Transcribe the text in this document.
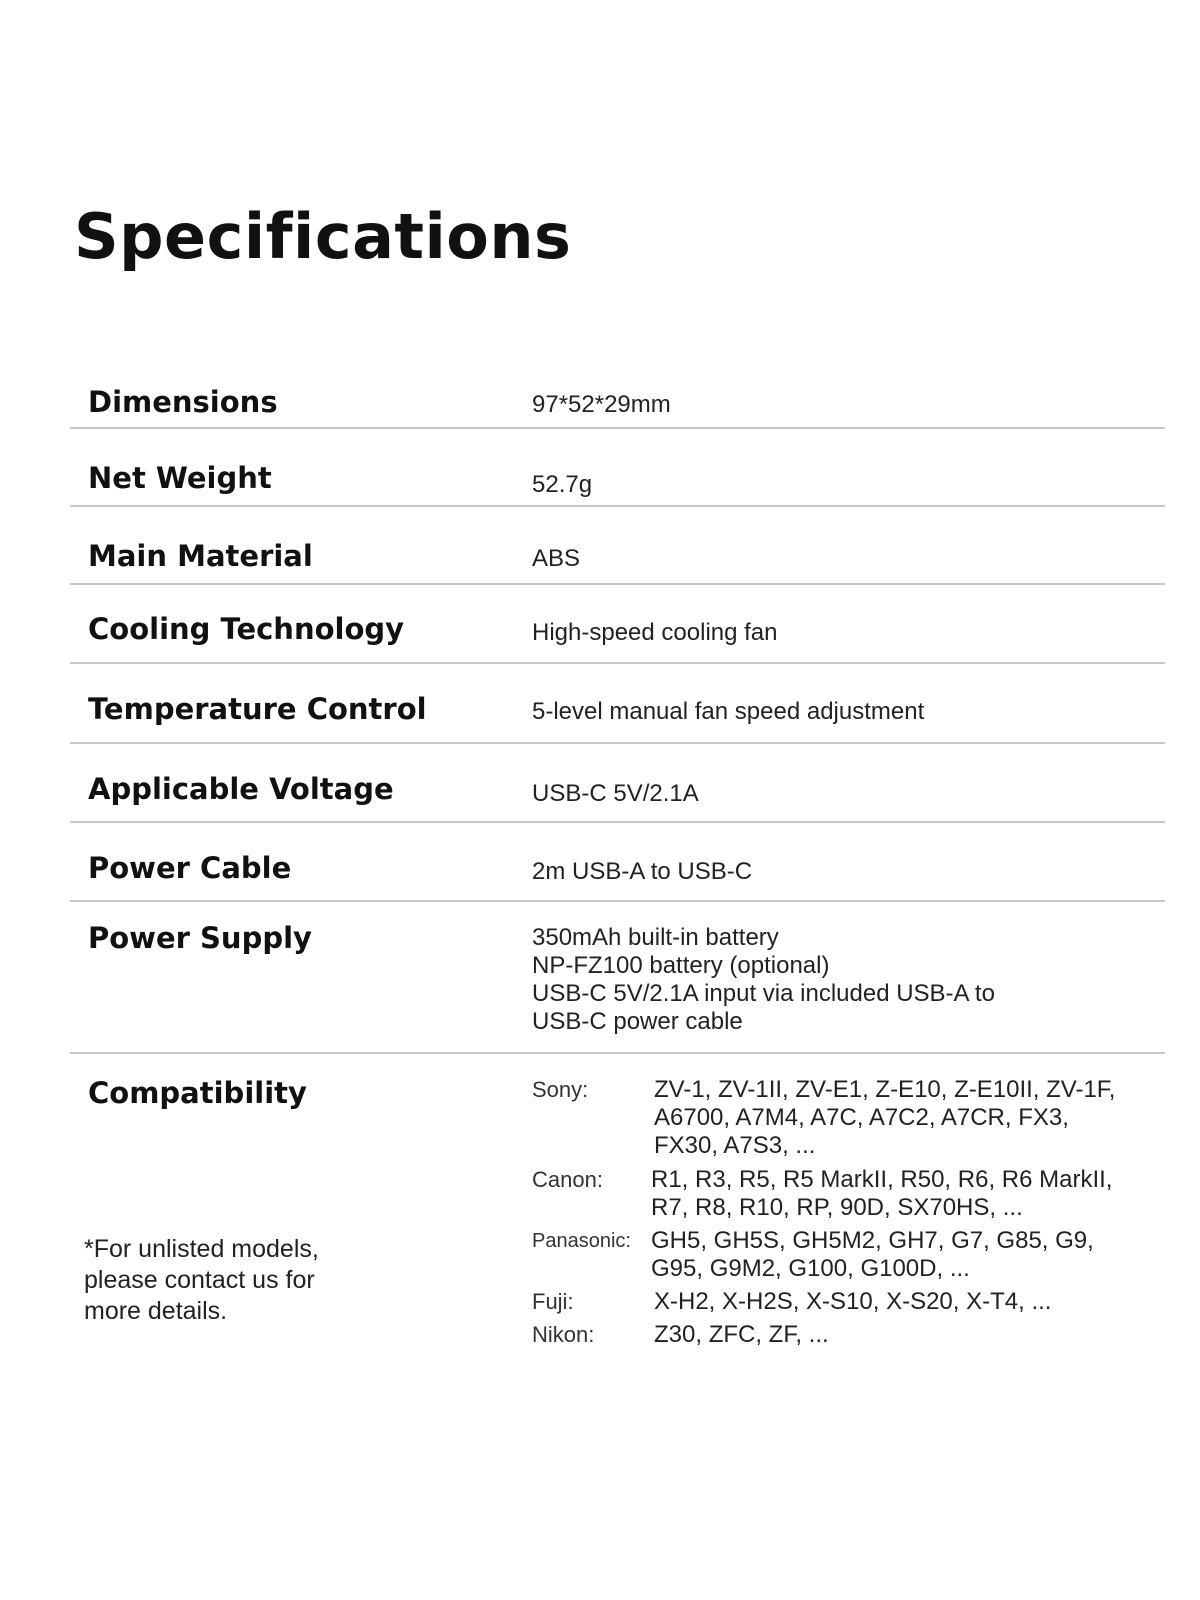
Specifications
Dimensions	97*52*29mm
Net Weight	52.7g
Main Material	ABS
Cooling Technology	High-speed cooling fan
Temperature Control	5-level manual fan speed adjustment
Applicable Voltage	USB-C 5V/2.1A
Power Cable	2m USB-A to USB-C
Power Supply	350mAh built-in battery
NP-FZ100 battery (optional)
USB-C 5V/2.1A input via included USB-A to
USB-C power cable
Compatibility
*For unlisted models,
please contact us for
more details.
Sony:	ZV-1, ZV-1II, ZV-E1, Z-E10, Z-E10II, ZV-1F,
A6700, A7M4, A7C, A7C2, A7CR, FX3,
FX30, A7S3, ...
Canon: R1, R3, R5, R5 MarkII, R50, R6, R6 MarkII,
R7, R8, R10, RP, 90D, SX70HS, ...
Panasonic: GH5, GH5S, GH5M2, GH7, G7, G85, G9,
G95, G9M2, G100, G100D, ...
Fuji:	X-H2, X-H2S, X-S10, X-S20, X-T4, ...
Nikon: Z30, ZFC, ZF, ...
